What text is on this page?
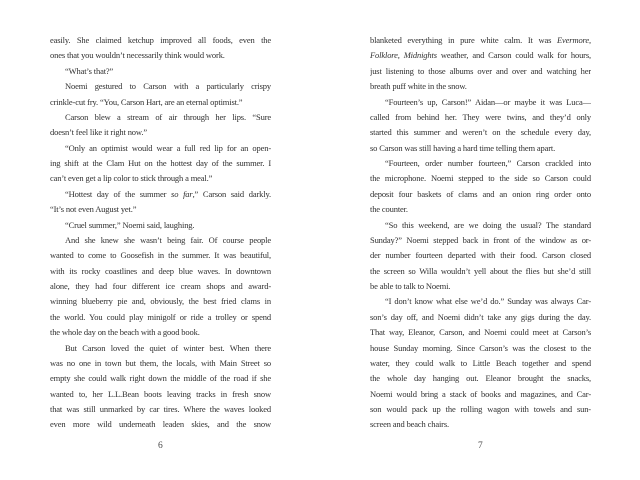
easily. She claimed ketchup improved all foods, even the
ones that you wouldn’t necessarily think would work.
“What’s that?”
Noemi gestured to Carson with a particularly crispy
crinkle-cut fry. “You, Carson Hart, are an eternal optimist.”
Carson blew a stream of air through her lips. “Sure
doesn’t feel like it right now.”
“Only an optimist would wear a full red lip for an open-
ing shift at the Clam Hut on the hottest day of the summer. I
can’t even get a lip color to stick through a meal.”
“Hottest day of the summer so far,” Carson said darkly.
“It’s not even August yet.”
“Cruel summer,” Noemi said, laughing.
And she knew she wasn’t being fair. Of course people
wanted to come to Goosefish in the summer. It was beautiful,
with its rocky coastlines and deep blue waves. In downtown
alone, they had four different ice cream shops and award-
winning blueberry pie and, obviously, the best fried clams in
the world. You could play minigolf or ride a trolley or spend
the whole day on the beach with a good book.
But Carson loved the quiet of winter best. When there
was no one in town but them, the locals, with Main Street so
empty she could walk right down the middle of the road if she
wanted to, her L.L.Bean boots leaving tracks in fresh snow
that was still unmarked by car tires. Where the waves looked
even more wild underneath leaden skies, and the snow
6
blanketed everything in pure white calm. It was Evermore,
Folklore, Midnights weather, and Carson could walk for hours,
just listening to those albums over and over and watching her
breath puff white in the snow.
“Fourteen’s up, Carson!” Aidan—or maybe it was Luca—
called from behind her. They were twins, and they’d only
started this summer and weren’t on the schedule every day,
so Carson was still having a hard time telling them apart.
“Fourteen, order number fourteen,” Carson crackled into
the microphone. Noemi stepped to the side so Carson could
deposit four baskets of clams and an onion ring order onto
the counter.
“So this weekend, are we doing the usual? The standard
Sunday?” Noemi stepped back in front of the window as or-
der number fourteen departed with their food. Carson closed
the screen so Willa wouldn’t yell about the flies but she’d still
be able to talk to Noemi.
“I don’t know what else we’d do.” Sunday was always Car-
son’s day off, and Noemi didn’t take any gigs during the day.
That way, Eleanor, Carson, and Noemi could meet at Carson’s
house Sunday morning. Since Carson’s was the closest to the
water, they could walk to Little Beach together and spend
the whole day hanging out. Eleanor brought the snacks,
Noemi would bring a stack of books and magazines, and Car-
son would pack up the rolling wagon with towels and sun-
screen and beach chairs.
7
